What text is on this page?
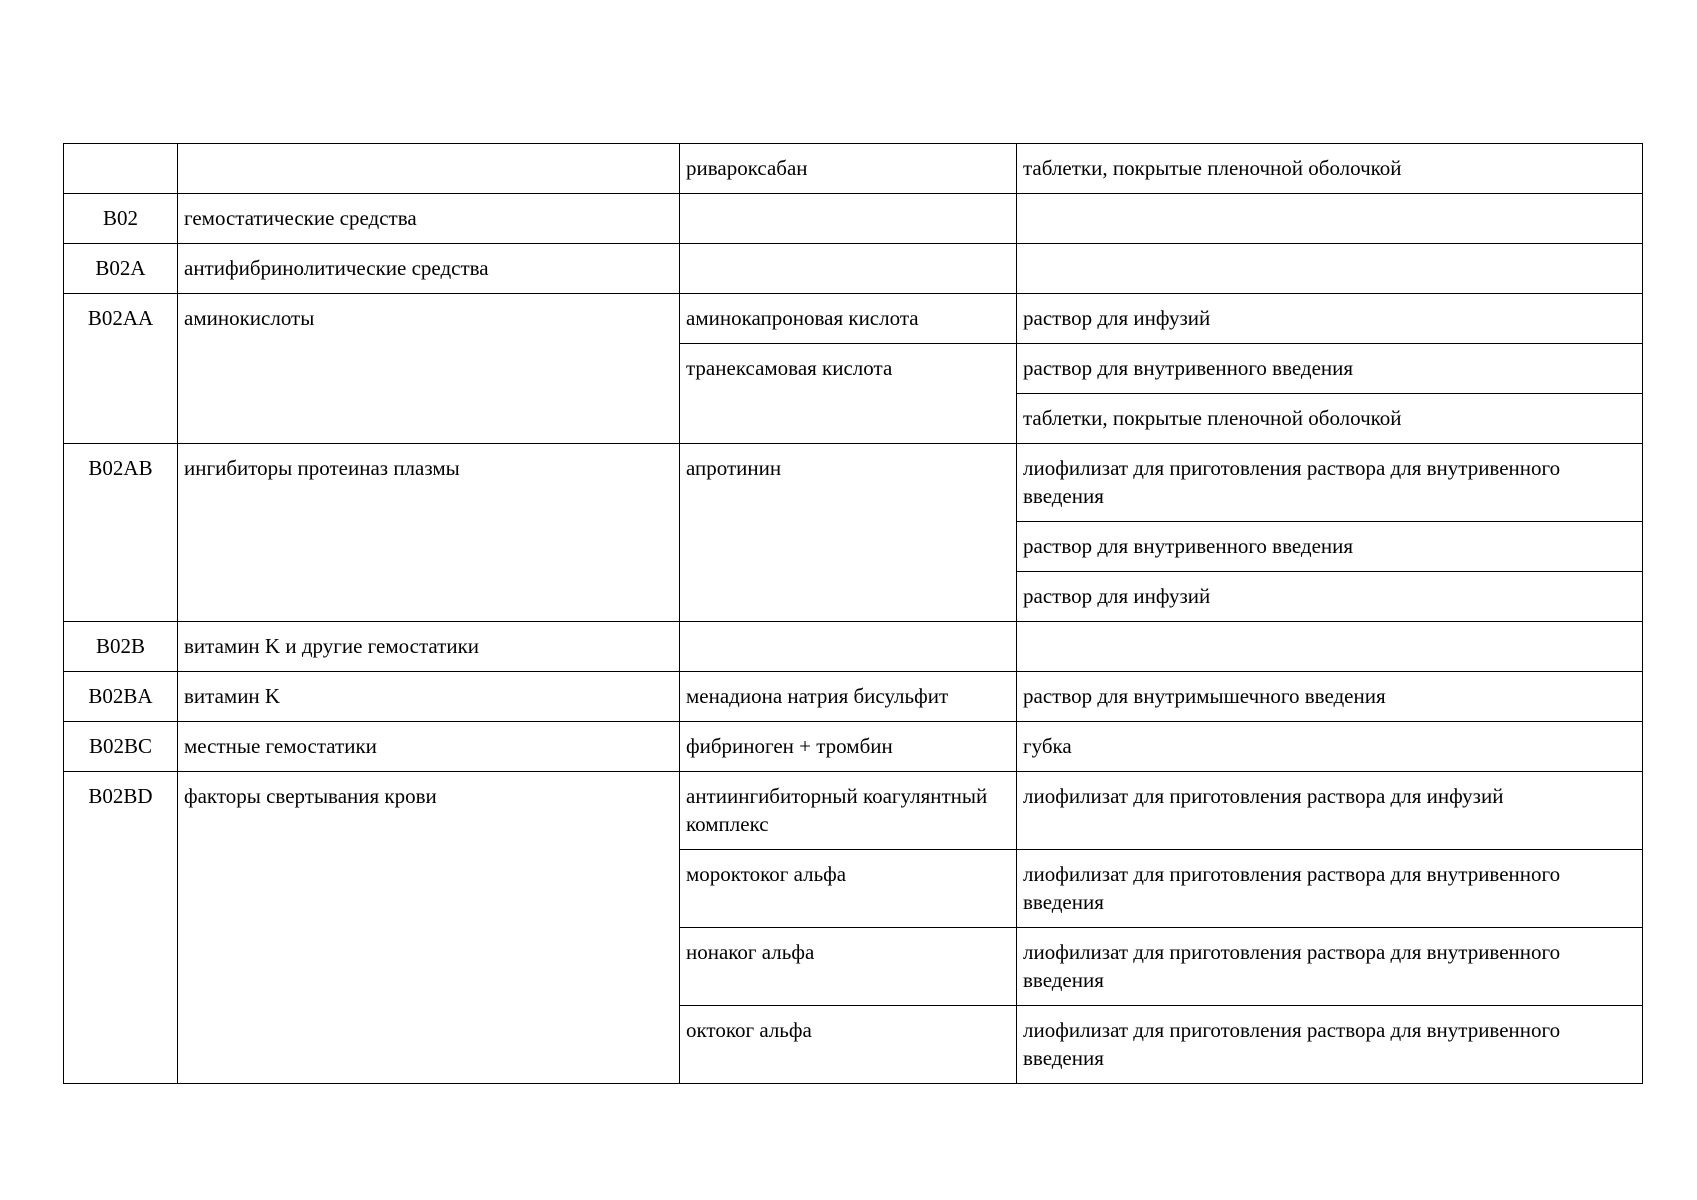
		ривароксабан	таблетки, покрытые пленочной оболочкой
B02	гемостатические средства		
B02A	антифибринолитические средства		
B02AA	аминокислоты	аминокапроновая кислота	раствор для инфузий
		транексамовая кислота	раствор для внутривенного введения
			таблетки, покрытые пленочной оболочкой
B02AB	ингибиторы протеиназ плазмы	апротинин	лиофилизат для приготовления раствора для внутривенного введения
			раствор для внутривенного введения
			раствор для инфузий
B02B	витамин K и другие гемостатики		
B02BA	витамин K	менадиона натрия бисульфит	раствор для внутримышечного введения
B02BC	местные гемостатики	фибриноген + тромбин	губка
B02BD	факторы свертывания крови	антиингибиторный коагулянтный комплекс	лиофилизат для приготовления раствора для инфузий
		мороктоког альфа	лиофилизат для приготовления раствора для внутривенного введения
		нонаког альфа	лиофилизат для приготовления раствора для внутривенного введения
		октоког альфа	лиофилизат для приготовления раствора для внутривенного введения
